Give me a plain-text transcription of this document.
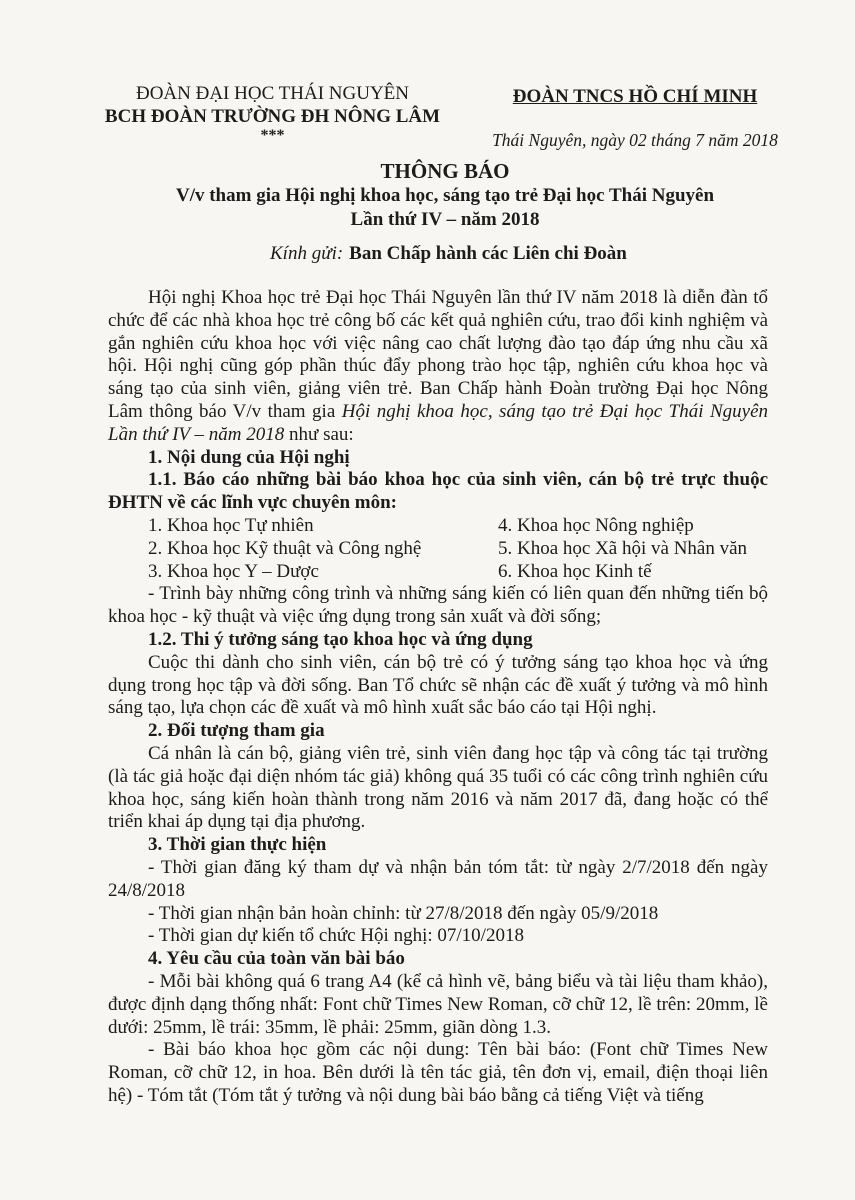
ĐOÀN ĐẠI HỌC THÁI NGUYÊN
BCH ĐOÀN TRƯỜNG ĐH NÔNG LÂM
***
ĐOÀN TNCS HỒ CHÍ MINH
Thái Nguyên, ngày 02 tháng 7 năm 2018
THÔNG BÁO
V/v tham gia Hội nghị khoa học, sáng tạo trẻ Đại học Thái Nguyên
Lần thứ IV – năm 2018
Kính gửi: Ban Chấp hành các Liên chi Đoàn

Hội nghị Khoa học trẻ Đại học Thái Nguyên lần thứ IV năm 2018 là diễn đàn tổ chức để các nhà khoa học trẻ công bố các kết quả nghiên cứu, trao đổi kinh nghiệm và gắn nghiên cứu khoa học với việc nâng cao chất lượng đào tạo đáp ứng nhu cầu xã hội. Hội nghị cũng góp phần thúc đẩy phong trào học tập, nghiên cứu khoa học và sáng tạo của sinh viên, giảng viên trẻ. Ban Chấp hành Đoàn trường Đại học Nông Lâm thông báo V/v tham gia Hội nghị khoa học, sáng tạo trẻ Đại học Thái Nguyên Lần thứ IV – năm 2018 như sau:

1. Nội dung của Hội nghị

1.1. Báo cáo những bài báo khoa học của sinh viên, cán bộ trẻ trực thuộc ĐHTN về các lĩnh vực chuyên môn:

1. Khoa học Tự nhiên	4. Khoa học Nông nghiệp
2. Khoa học Kỹ thuật và Công nghệ	5. Khoa học Xã hội và Nhân văn
3. Khoa học Y – Dược	6. Khoa học Kinh tế

- Trình bày những công trình và những sáng kiến có liên quan đến những tiến bộ khoa học - kỹ thuật và việc ứng dụng trong sản xuất và đời sống;

1.2. Thi ý tưởng sáng tạo khoa học và ứng dụng

Cuộc thi dành cho sinh viên, cán bộ trẻ có ý tưởng sáng tạo khoa học và ứng dụng trong học tập và đời sống. Ban Tổ chức sẽ nhận các đề xuất ý tưởng và mô hình sáng tạo, lựa chọn các đề xuất và mô hình xuất sắc báo cáo tại Hội nghị.

2. Đối tượng tham gia

Cá nhân là cán bộ, giảng viên trẻ, sinh viên đang học tập và công tác tại trường (là tác giả hoặc đại diện nhóm tác giả) không quá 35 tuổi có các công trình nghiên cứu khoa học, sáng kiến hoàn thành trong năm 2016 và năm 2017 đã, đang hoặc có thể triển khai áp dụng tại địa phương.

3. Thời gian thực hiện

- Thời gian đăng ký tham dự và nhận bản tóm tắt: từ ngày 2/7/2018 đến ngày 24/8/2018

- Thời gian nhận bản hoàn chỉnh: từ 27/8/2018 đến ngày 05/9/2018

- Thời gian dự kiến tổ chức Hội nghị: 07/10/2018

4. Yêu cầu của toàn văn bài báo

- Mỗi bài không quá 6 trang A4 (kể cả hình vẽ, bảng biểu và tài liệu tham khảo), được định dạng thống nhất: Font chữ Times New Roman, cỡ chữ 12, lề trên: 20mm, lề dưới: 25mm, lề trái: 35mm, lề phải: 25mm, giãn dòng 1.3.

- Bài báo khoa học gồm các nội dung: Tên bài báo: (Font chữ Times New Roman, cỡ chữ 12, in hoa. Bên dưới là tên tác giả, tên đơn vị, email, điện thoại liên hệ) - Tóm tắt (Tóm tắt ý tưởng và nội dung bài báo bằng cả tiếng Việt và tiếng
